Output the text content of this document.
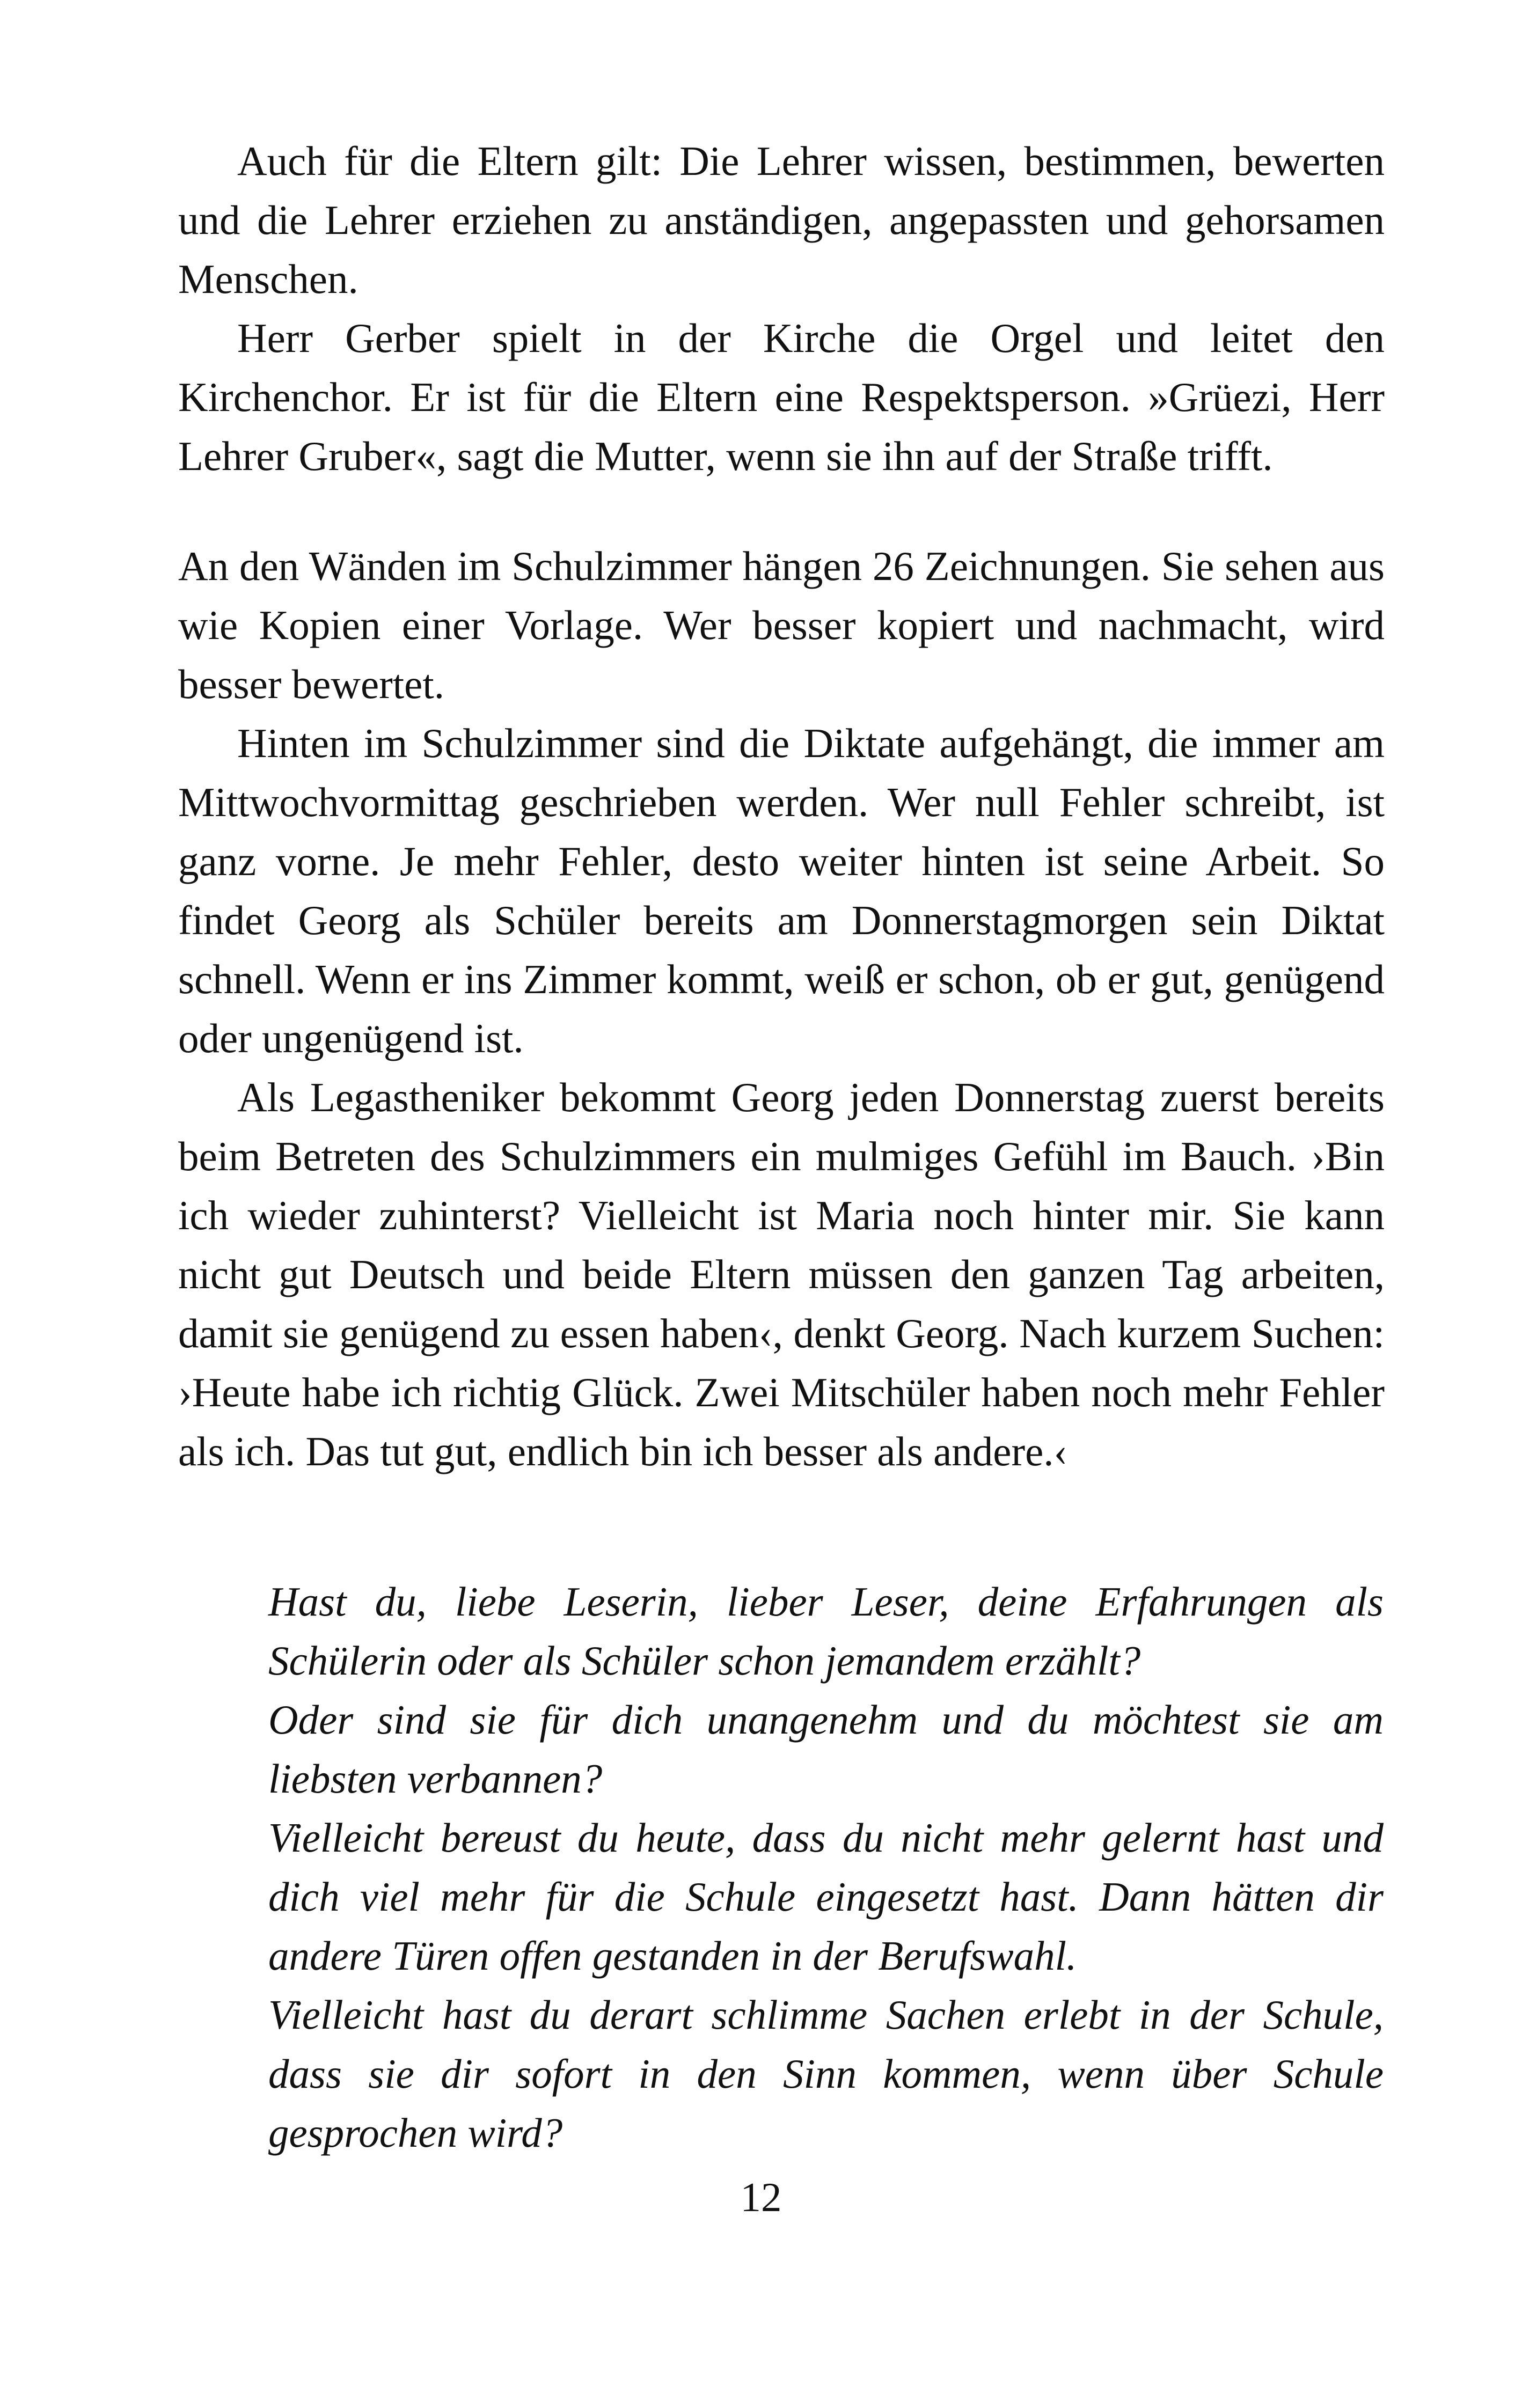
Auch für die Eltern gilt: Die Lehrer wissen, bestimmen, bewerten und die Lehrer erziehen zu anständigen, angepassten und gehorsamen Menschen.

Herr Gerber spielt in der Kirche die Orgel und leitet den Kirchenchor. Er ist für die Eltern eine Respektsperson. »Grüezi, Herr Lehrer Gruber«, sagt die Mutter, wenn sie ihn auf der Straße trifft.

An den Wänden im Schulzimmer hängen 26 Zeichnungen. Sie sehen aus wie Kopien einer Vorlage. Wer besser kopiert und nachmacht, wird besser bewertet.

Hinten im Schulzimmer sind die Diktate aufgehängt, die immer am Mittwochvormittag geschrieben werden. Wer null Fehler schreibt, ist ganz vorne. Je mehr Fehler, desto weiter hinten ist seine Arbeit. So findet Georg als Schüler bereits am Donnerstagmorgen sein Diktat schnell. Wenn er ins Zimmer kommt, weiß er schon, ob er gut, genügend oder ungenügend ist.

Als Legastheniker bekommt Georg jeden Donnerstag zuerst bereits beim Betreten des Schulzimmers ein mulmiges Gefühl im Bauch. ›Bin ich wieder zuhinterst? Vielleicht ist Maria noch hinter mir. Sie kann nicht gut Deutsch und beide Eltern müssen den ganzen Tag arbeiten, damit sie genügend zu essen haben‹, denkt Georg. Nach kurzem Suchen: ›Heute habe ich richtig Glück. Zwei Mitschüler haben noch mehr Fehler als ich. Das tut gut, endlich bin ich besser als andere.‹

Hast du, liebe Leserin, lieber Leser, deine Erfahrungen als Schülerin oder als Schüler schon jemandem erzählt?

Oder sind sie für dich unangenehm und du möchtest sie am liebsten verbannen?

Vielleicht bereust du heute, dass du nicht mehr gelernt hast und dich viel mehr für die Schule eingesetzt hast. Dann hätten dir andere Türen offen gestanden in der Berufswahl.

Vielleicht hast du derart schlimme Sachen erlebt in der Schule, dass sie dir sofort in den Sinn kommen, wenn über Schule gesprochen wird?

12
